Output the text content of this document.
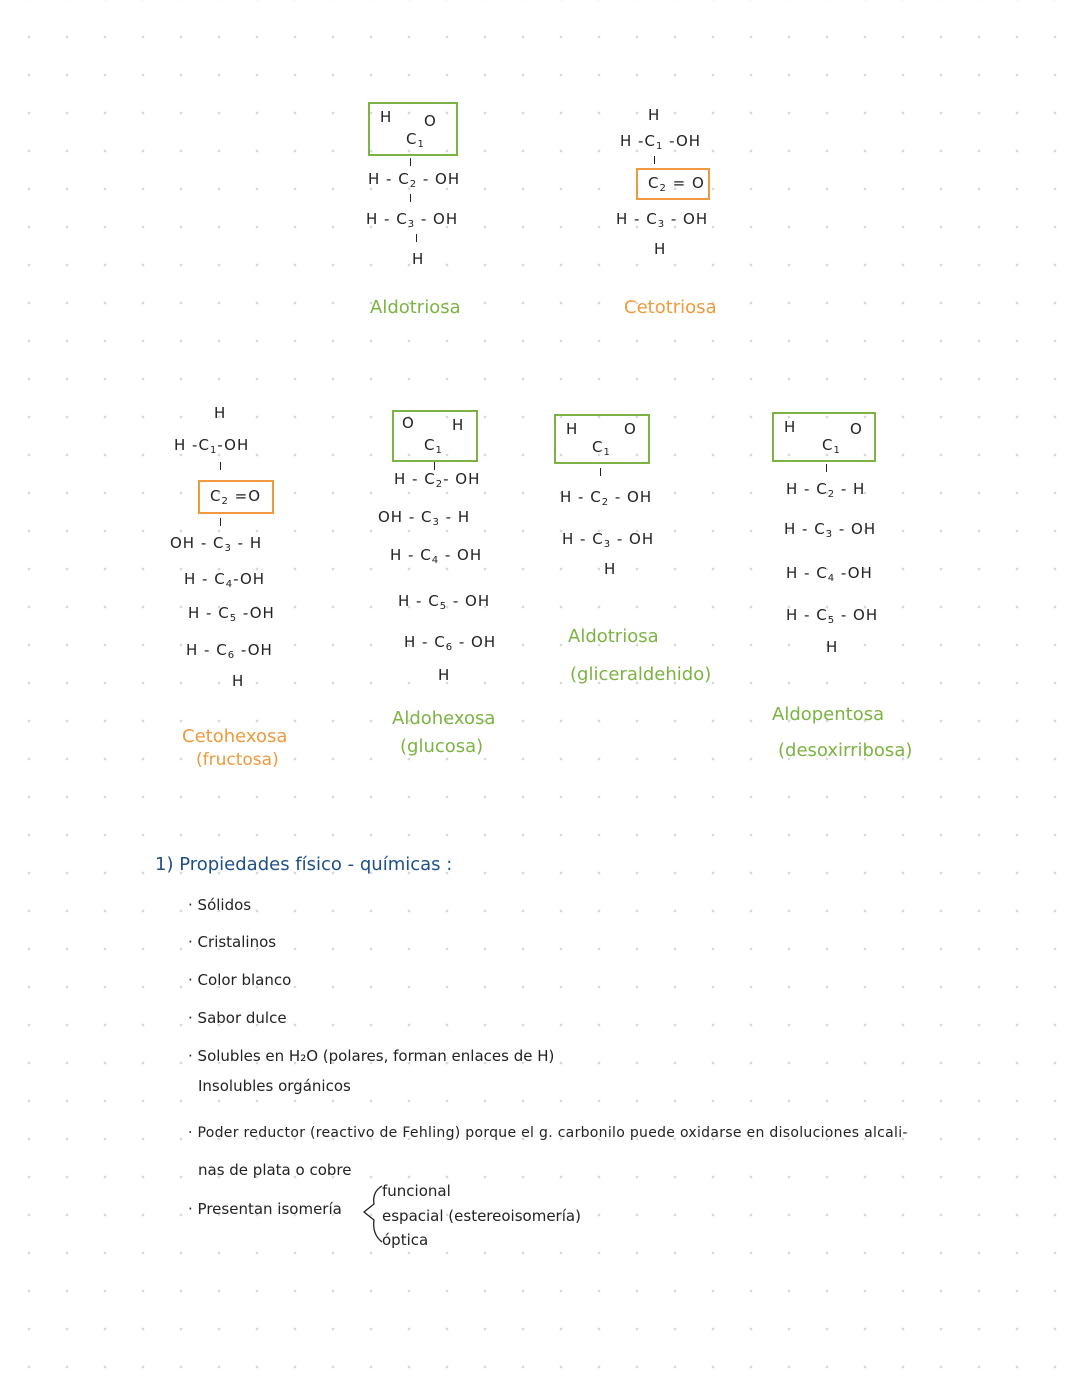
H O
$C_1$
H - $C_2$ - OH
H - $C_3$ - OH
H
Aldotriosa
H
H $-C_1$ -OH
$C_2 = O$
H - $C_3$ - OH
H
Cetotriosa
H
H $-C_1-OH$
$C_2 =O$
OH - $C_3$ - H
H - $C_4-OH$
H - $C_5$ -OH
H - $C_6$ -OH
H
Cetohexosa
(fructosa)
O H
$C_1$
H - $C_2-$ OH
OH - $C_3$ - H
H - $C_4$ - OH
H - $C_5$ - OH
H - $C_6$ - OH
H
Aldohexosa
(glucosa)
H	O
$C_1$
H - $C_2$ - OH
H - $C_3$ - OH
H
Aldotriosa
(gliceraldehido)
H	O
$C_1$
H - $C_2$ - H
H - $C_3$ - OH
H - $C_4$ -OH
H - $C_5$ - OH
H
Aldopentosa
(desoxirribosa)
1) Propiedades físico - químicas :
· Sólidos
· Cristalinos
· Color blanco
· Sabor dulce
· Solubles en H₂O (polares, forman enlaces de H)
Insolubles orgánicos
· Poder reductor (reactivo de Fehling) porque el g. carbonilo puede oxidarse en disoluciones alcali-
nas de plata o cobre
· Presentan isomería
funcional
espacial (estereoisomería)
óptica
